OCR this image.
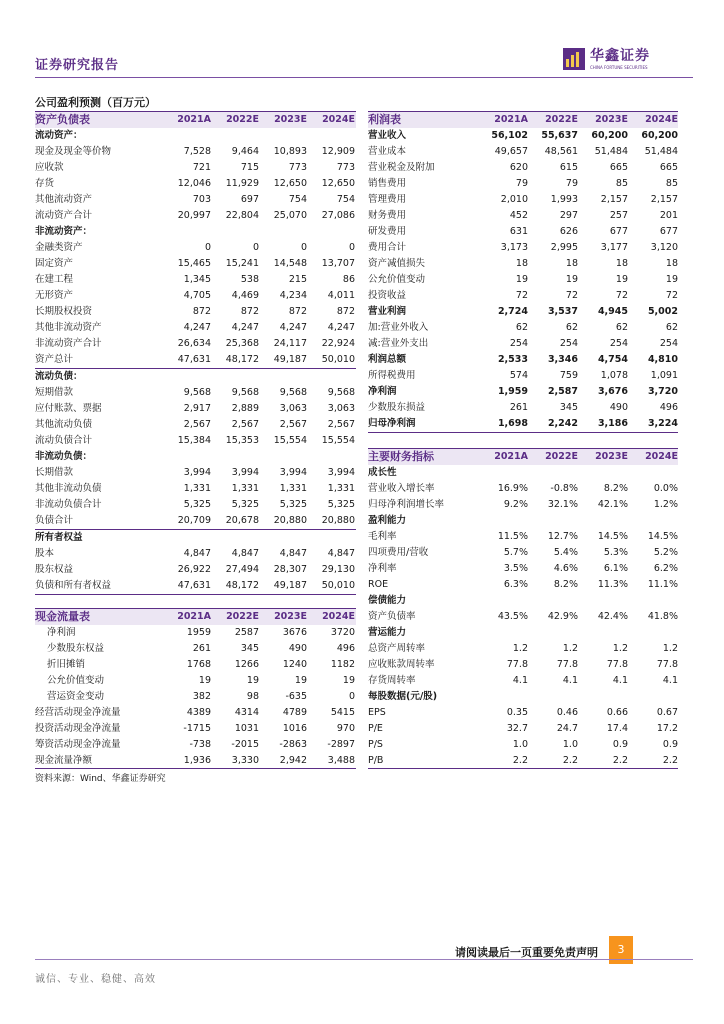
证券研究报告
华鑫证券
CHINA FORTUNE SECURITIES
公司盈利预测（百万元）
资产负债表	2021A	2022E	2023E	2024E
流动资产：
现金及现金等价物	7,528	9,464	10,893	12,909
应收款	721	715	773	773
存货	12,046	11,929	12,650	12,650
其他流动资产	703	697	754	754
流动资产合计	20,997	22,804	25,070	27,086
非流动资产：
金融类资产	0	0	0	0
固定资产	15,465	15,241	14,548	13,707
在建工程	1,345	538	215	86
无形资产	4,705	4,469	4,234	4,011
长期股权投资	872	872	872	872
其他非流动资产	4,247	4,247	4,247	4,247
非流动资产合计	26,634	25,368	24,117	22,924
资产总计	47,631	48,172	49,187	50,010
流动负债：
短期借款	9,568	9,568	9,568	9,568
应付账款、票据	2,917	2,889	3,063	3,063
其他流动负债	2,567	2,567	2,567	2,567
流动负债合计	15,384	15,353	15,554	15,554
非流动负债：
长期借款	3,994	3,994	3,994	3,994
其他非流动负债	1,331	1,331	1,331	1,331
非流动负债合计	5,325	5,325	5,325	5,325
负债合计	20,709	20,678	20,880	20,880
所有者权益
股本	4,847	4,847	4,847	4,847
股东权益	26,922	27,494	28,307	29,130
负债和所有者权益	47,631	48,172	49,187	50,010
利润表	2021A	2022E	2023E	2024E
营业收入	56,102	55,637	60,200	60,200
营业成本	49,657	48,561	51,484	51,484
营业税金及附加	620	615	665	665
销售费用	79	79	85	85
管理费用	2,010	1,993	2,157	2,157
财务费用	452	297	257	201
研发费用	631	626	677	677
费用合计	3,173	2,995	3,177	3,120
资产减值损失	18	18	18	18
公允价值变动	19	19	19	19
投资收益	72	72	72	72
营业利润	2,724	3,537	4,945	5,002
加:营业外收入	62	62	62	62
减:营业外支出	254	254	254	254
利润总额	2,533	3,346	4,754	4,810
所得税费用	574	759	1,078	1,091
净利润	1,959	2,587	3,676	3,720
少数股东损益	261	345	490	496
归母净利润	1,698	2,242	3,186	3,224
现金流量表	2021A	2022E	2023E	2024E
净利润	1959	2587	3676	3720
少数股东权益	261	345	490	496
折旧摊销	1768	1266	1240	1182
公允价值变动	19	19	19	19
营运资金变动	382	98	-635	0
经营活动现金净流量	4389	4314	4789	5415
投资活动现金净流量	-1715	1031	1016	970
筹资活动现金净流量	-738	-2015	-2863	-2897
现金流量净额	1,936	3,330	2,942	3,488
主要财务指标	2021A	2022E	2023E	2024E
成长性
营业收入增长率	16.9%	-0.8%	8.2%	0.0%
归母净利润增长率	9.2%	32.1%	42.1%	1.2%
盈利能力
毛利率	11.5%	12.7%	14.5%	14.5%
四项费用/营收	5.7%	5.4%	5.3%	5.2%
净利率	3.5%	4.6%	6.1%	6.2%
ROE	6.3%	8.2%	11.3%	11.1%
偿债能力
资产负债率	43.5%	42.9%	42.4%	41.8%
营运能力
总资产周转率	1.2	1.2	1.2	1.2
应收账款周转率	77.8	77.8	77.8	77.8
存货周转率	4.1	4.1	4.1	4.1
每股数据(元/股)
EPS	0.35	0.46	0.66	0.67
P/E	32.7	24.7	17.4	17.2
P/S	1.0	1.0	0.9	0.9
P/B	2.2	2.2	2.2	2.2
资料来源：Wind、华鑫证券研究
请阅读最后一页重要免责声明	3
诚信、专业、稳健、高效
